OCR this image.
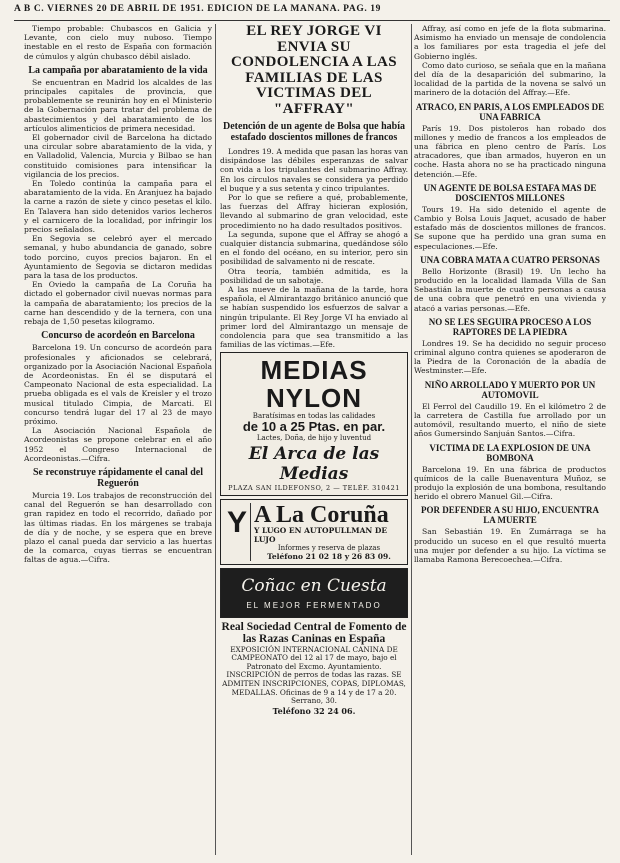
A B C. VIERNES 20 DE ABRIL DE 1951. EDICION DE LA MAÑANA. PAG. 19

Tiempo probable: Chubascos en Galicia y Levante, con cielo muy nuboso. Tiempo inestable en el resto de España con formación de cúmulos y algún chubasco débil aislado.

La campaña por abaratamiento de la vida

Se encuentran en Madrid los alcaldes de las principales capitales de provincia, que probablemente se reunirán hoy en el Ministerio de la Gobernación para tratar del problema de abastecimientos y del abaratamiento de los artículos alimenticios de primera necesidad.

El gobernador civil de Barcelona ha dictado una circular sobre abaratamiento de la vida, y en Valladolid, Valencia, Murcia y Bilbao se han constituido comisiones para intensificar la vigilancia de los precios.

En Toledo continúa la campaña para el abaratamiento de la vida. En Aranjuez ha bajado la carne a razón de siete y cinco pesetas el kilo. En Talavera han sido detenidos varios lecheros y el carnicero de la localidad, por infringir los precios señalados.

En Segovia se celebró ayer el mercado semanal, y hubo abundancia de ganado, sobre todo porcino, cuyos precios bajaron. En el Ayuntamiento de Segovia se dictaron medidas para la tasa de los productos.

En Oviedo la campaña de La Coruña ha dictado el gobernador civil nuevas normas para la campaña de abaratamiento; los precios de la carne han descendido y de la ternera, con una rebaja de 1,50 pesetas kilogramo.

Concurso de acordeón en Barcelona

Barcelona 19. Un concurso de acordeón para profesionales y aficionados se celebrará, organizado por la Asociación Nacional Española de Acordeonistas. En él se disputará el Campeonato Nacional de esta especialidad. La prueba obligada es el vals de Kreisler y el trozo musical titulado Cimpia, de Marcati. El concurso tendrá lugar del 17 al 23 de mayo próximo.

La Asociación Nacional Española de Acordeonistas se propone celebrar en el año 1952 el Congreso Internacional de Acordeonistas.—Cifra.

Se reconstruye rápidamente el canal del Reguerón

Murcia 19. Los trabajos de reconstrucción del canal del Reguerón se han desarrollado con gran rapidez en todo el recorrido, dañado por las últimas riadas. En los márgenes se trabaja de día y de noche, y se espera que en breve plazo el canal pueda dar servicio a las huertas de la comarca, cuyas tierras se encuentran faltas de agua.—Cifra.

EL REY JORGE VI ENVIA SU CONDOLENCIA A LAS FAMILIAS DE LAS VICTIMAS DEL "AFFRAY"
Detención de un agente de Bolsa que había estafado doscientos millones de francos

Londres 19. A medida que pasan las horas van disipándose las débiles esperanzas de salvar con vida a los tripulantes del submarino Affray. En los círculos navales se considera ya perdido el buque y a sus setenta y cinco tripulantes.

Por lo que se refiere a qué, probablemente, las fuerzas del Affray hicieran explosión, llevando al submarino de gran velocidad, este procedimiento no ha dado resultados positivos.

La segunda, supone que el Affray se ahogó a cualquier distancia submarina, quedándose sólo en el fondo del océano, en su interior, pero sin posibilidad de salvamento ni de rescate.

Otra teoría, también admitida, es la posibilidad de un sabotaje.

A las nueve de la mañana de la tarde, hora española, el Almirantazgo británico anunció que se habían suspendido los esfuerzos de salvar a ningún tripulante. El Rey Jorge VI ha enviado al primer lord del Almirantazgo un mensaje de condolencia para que sea transmitido a las familias de las víctimas.—Efe.

MEDIAS NYLON
Baratísimas en todas las calidades
de 10 a 25 Ptas. en par.
Lactes, Doña, de hijo y luventud
El Arca de las Medias
PLAZA SAN ILDEFONSO, 2 — TELÉF. 310421
Y A La Coruña
Y LUGO EN AUTOPULLMAN DE LUJO
Informes y reserva de plazas
Teléfono 21 02 18 y 26 83 09.
Coñac en Cuesta
EL MEJOR FERMENTADO
Real Sociedad Central de Fomento de las Razas Caninas en España
EXPOSICIÓN INTERNACIONAL CANINA DE CAMPEONATO del 12 al 17 de mayo, bajo el Patronato del Excmo. Ayuntamiento. INSCRIPCIÓN de perros de todas las razas. SE ADMITEN INSCRIPCIONES, COPAS, DIPLOMAS, MEDALLAS. Oficinas de 9 a 14 y de 17 a 20. Serrano, 30.
Teléfono 32 24 06.

Affray, así como en jefe de la flota submarina. Asimismo ha enviado un mensaje de condolencia a los familiares por esta tragedia el jefe del Gobierno inglés.

Como dato curioso, se señala que en la mañana del día de la desaparición del submarino, la localidad de la partida de la novena se salvó un marinero de la dotación del Affray.—Efe.

ATRACO, EN PARIS, A LOS EMPLEADOS DE UNA FABRICA

París 19. Dos pistoleros han robado dos millones y medio de francos a los empleados de una fábrica en pleno centro de París. Los atracadores, que iban armados, huyeron en un coche. Hasta ahora no se ha practicado ninguna detención.—Efe.

UN AGENTE DE BOLSA ESTAFA MAS DE DOSCIENTOS MILLONES

Tours 19. Ha sido detenido el agente de Cambio y Bolsa Louis Jaquet, acusado de haber estafado más de doscientos millones de francos. Se supone que ha perdido una gran suma en especulaciones.—Efe.

UNA COBRA MATA A CUATRO PERSONAS

Bello Horizonte (Brasil) 19. Un lecho ha producido en la localidad llamada Villa de San Sebastián la muerte de cuatro personas a causa de una cobra que penetró en una vivienda y atacó a varias personas.—Efe.

NO SE LES SEGUIRA PROCESO A LOS RAPTORES DE LA PIEDRA

Londres 19. Se ha decidido no seguir proceso criminal alguno contra quienes se apoderaron de la Piedra de la Coronación de la abadía de Westminster.—Efe.

NIÑO ARROLLADO Y MUERTO POR UN AUTOMOVIL

El Ferrol del Caudillo 19. En el kilómetro 2 de la carretera de Castilla fue arrollado por un automóvil, resultando muerto, el niño de siete años Gumersindo Sanjuán Santos.—Cifra.

VICTIMA DE LA EXPLOSION DE UNA BOMBONA

Barcelona 19. En una fábrica de productos químicos de la calle Buenaventura Muñoz, se produjo la explosión de una bombona, resultando herido el obrero Manuel Gil.—Cifra.

POR DEFENDER A SU HIJO, ENCUENTRA LA MUERTE

San Sebastián 19. En Zumárraga se ha producido un suceso en el que resultó muerta una mujer por defender a su hijo. La víctima se llamaba Ramona Berecoechea.—Cifra.
